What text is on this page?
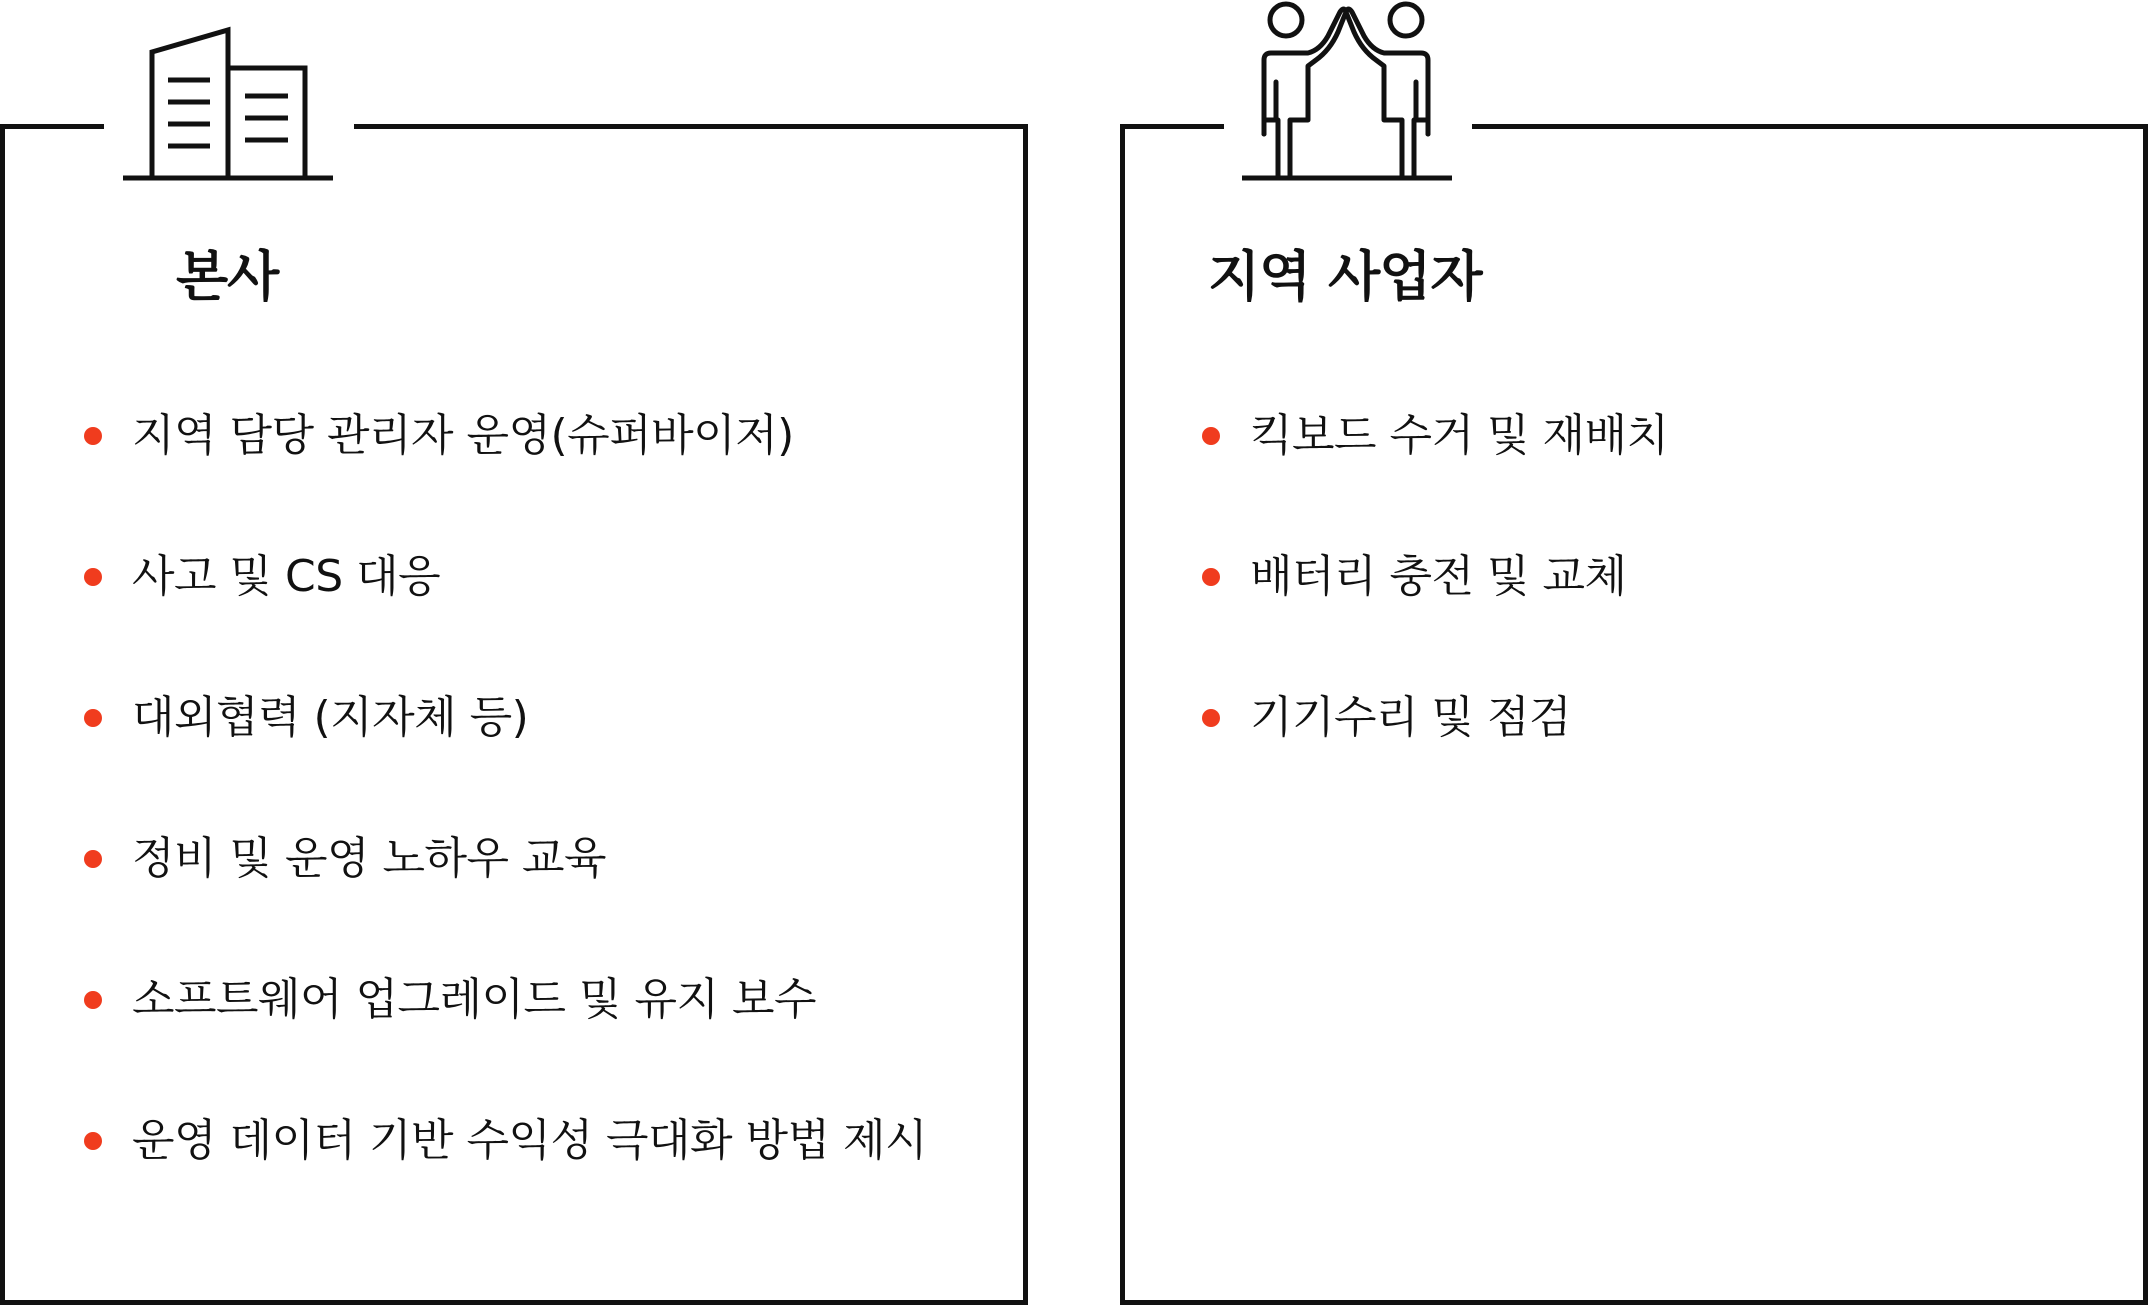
본사
지역 담당 관리자 운영(슈퍼바이저)
사고 및 CS 대응
대외협력 (지자체 등)
정비 및 운영 노하우 교육
소프트웨어 업그레이드 및 유지 보수
운영 데이터 기반 수익성 극대화 방법 제시
지역 사업자
킥보드 수거 및 재배치
배터리 충전 및 교체
기기수리 및 점검
